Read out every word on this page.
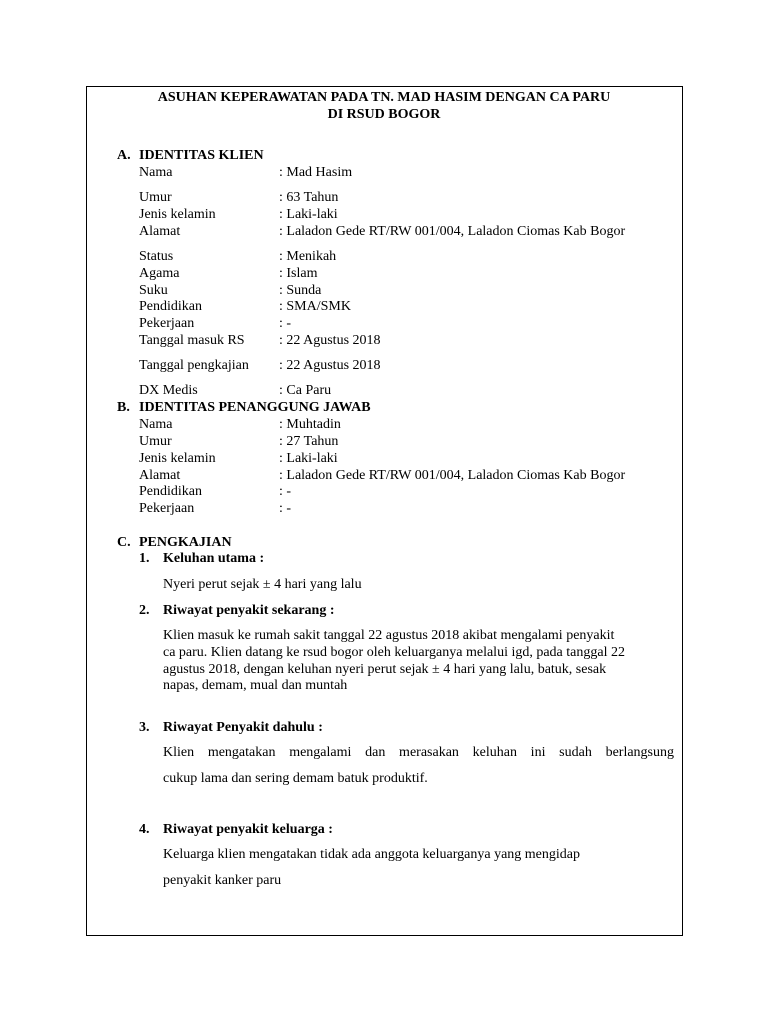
ASUHAN KEPERAWATAN PADA TN. MAD HASIM DENGAN CA PARU
DI RSUD BOGOR
A. IDENTITAS KLIEN
Nama	: Mad Hasim
Umur	: 63 Tahun
Jenis kelamin	: Laki-laki
Alamat	: Laladon Gede RT/RW 001/004, Laladon Ciomas Kab Bogor
Status	: Menikah
Agama	: Islam
Suku	: Sunda
Pendidikan	: SMA/SMK
Pekerjaan	: -
Tanggal masuk RS : 22 Agustus 2018
Tanggal pengkajian : 22 Agustus 2018
DX Medis	: Ca Paru
B. IDENTITAS PENANGGUNG JAWAB
Nama	: Muhtadin
Umur	: 27 Tahun
Jenis kelamin	: Laki-laki
Alamat	: Laladon Gede RT/RW 001/004, Laladon Ciomas Kab Bogor
Pendidikan	: -
Pekerjaan	: -
C. PENGKAJIAN
1. Keluhan utama :
Nyeri perut sejak ± 4 hari yang lalu
2. Riwayat penyakit sekarang :
Klien masuk ke rumah sakit tanggal 22 agustus 2018 akibat mengalami penyakit
ca paru. Klien datang ke rsud bogor oleh keluarganya melalui igd, pada tanggal 22
agustus 2018, dengan keluhan nyeri perut sejak ± 4 hari yang lalu, batuk, sesak
napas, demam, mual dan muntah
3. Riwayat Penyakit dahulu :
Klien mengatakan mengalami dan merasakan keluhan ini sudah berlangsung
cukup lama dan sering demam batuk produktif.
4. Riwayat penyakit keluarga :
Keluarga klien mengatakan tidak ada anggota keluarganya yang mengidap
penyakit kanker paru
